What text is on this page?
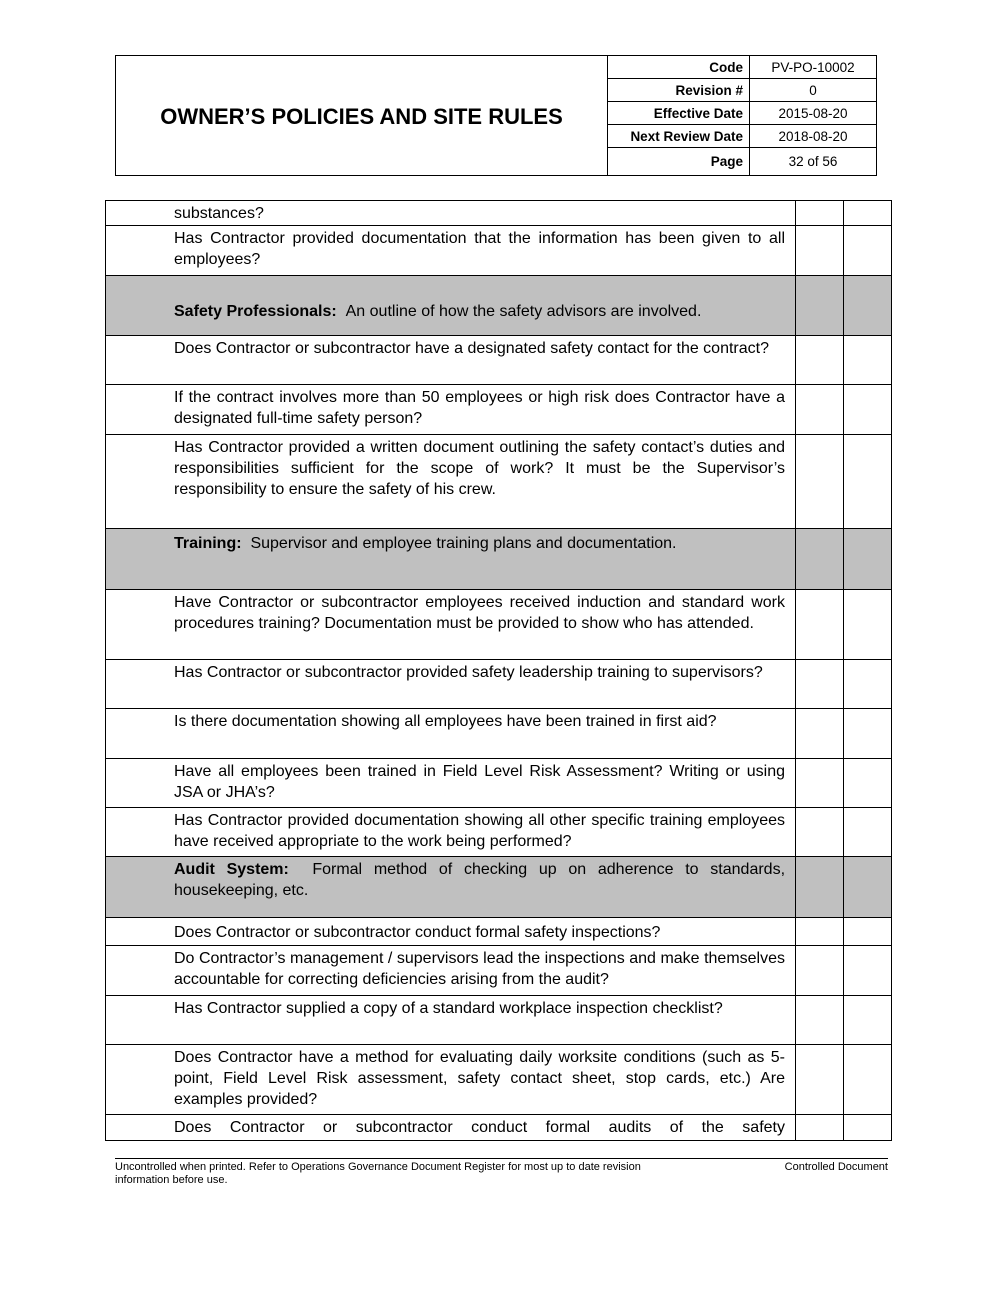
OWNER’S POLICIES AND SITE RULES
Code	PV-PO-10002
Revision #	0
Effective Date	2015-08-20
Next Review Date	2018-08-20
Page	32 of 56
substances?		
Has Contractor provided documentation that the information has been given to all employees?		
Safety Professionals: An outline of how the safety advisors are involved.		
Does Contractor or subcontractor have a designated safety contact for the contract?		
If the contract involves more than 50 employees or high risk does Contractor have a designated full-time safety person?		
Has Contractor provided a written document outlining the safety contact’s duties and responsibilities sufficient for the scope of work? It must be the Supervisor’s responsibility to ensure the safety of his crew.		
Training: Supervisor and employee training plans and documentation.		
Have Contractor or subcontractor employees received induction and standard work procedures training? Documentation must be provided to show who has attended.		
Has Contractor or subcontractor provided safety leadership training to supervisors?		
Is there documentation showing all employees have been trained in first aid?		
Have all employees been trained in Field Level Risk Assessment? Writing or using JSA or JHA’s?		
Has Contractor provided documentation showing all other specific training employees have received appropriate to the work being performed?		
Audit System: Formal method of checking up on adherence to standards, housekeeping, etc.		
Does Contractor or subcontractor conduct formal safety inspections?		
Do Contractor’s management / supervisors lead the inspections and make themselves accountable for correcting deficiencies arising from the audit?		
Has Contractor supplied a copy of a standard workplace inspection checklist?		
Does Contractor have a method for evaluating daily worksite conditions (such as 5-point, Field Level Risk assessment, safety contact sheet, stop cards, etc.) Are examples provided?		
Does Contractor or subcontractor conduct formal audits of the safety		
Uncontrolled when printed. Refer to Operations Governance Document Register for most up to date revision information before use.
Controlled Document
